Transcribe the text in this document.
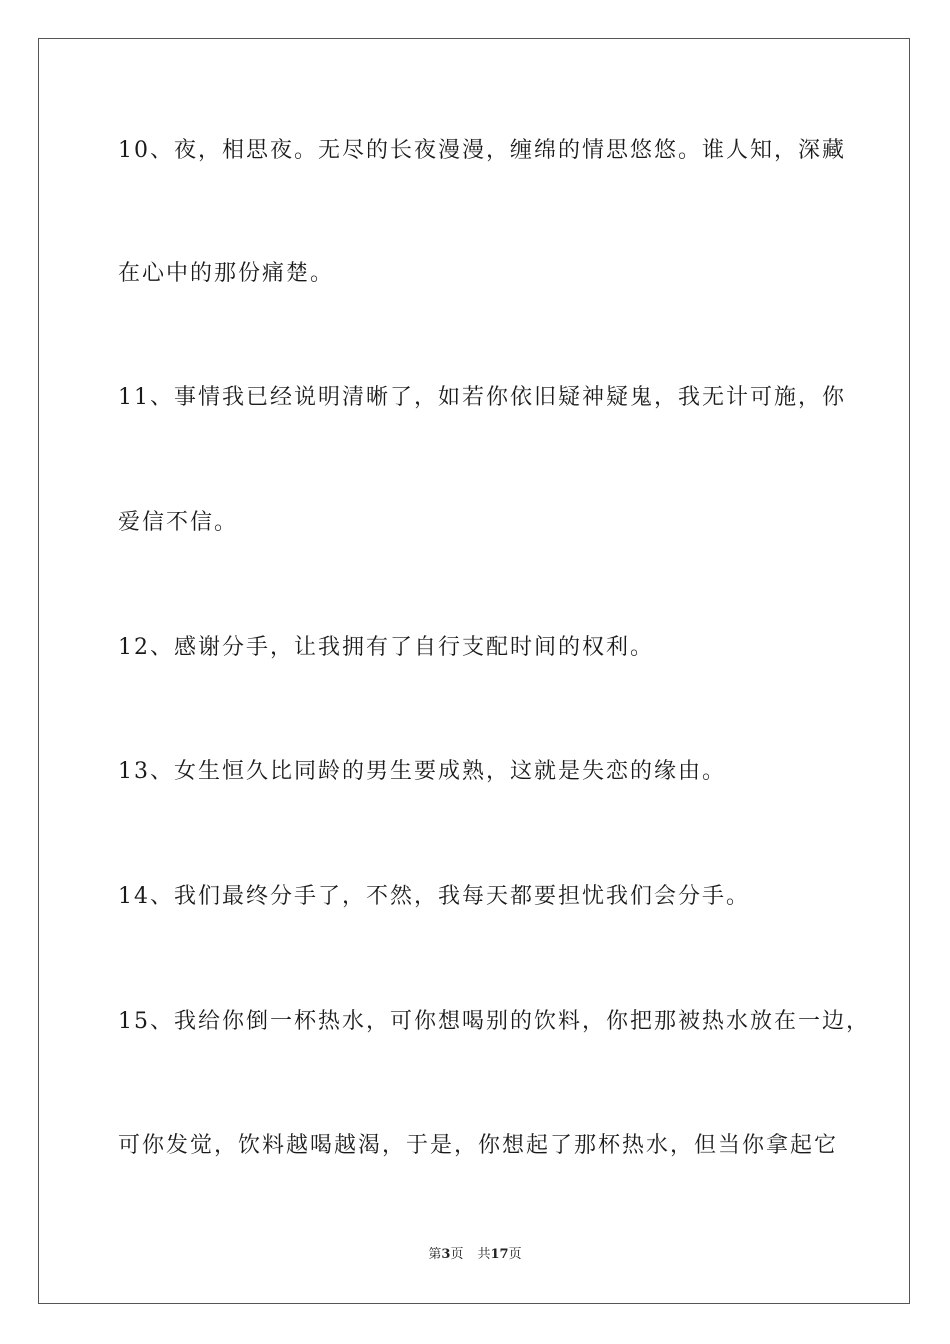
10、夜，相思夜。无尽的长夜漫漫，缠绵的情思悠悠。谁人知，深藏
在心中的那份痛楚。
11、事情我已经说明清晰了，如若你依旧疑神疑鬼，我无计可施，你
爱信不信。
12、感谢分手，让我拥有了自行支配时间的权利。
13、女生恒久比同龄的男生要成熟，这就是失恋的缘由。
14、我们最终分手了，不然，我每天都要担忧我们会分手。
15、我给你倒一杯热水，可你想喝别的饮料，你把那被热水放在一边，
可你发觉，饮料越喝越渴，于是，你想起了那杯热水，但当你拿起它
第3页 共17页
